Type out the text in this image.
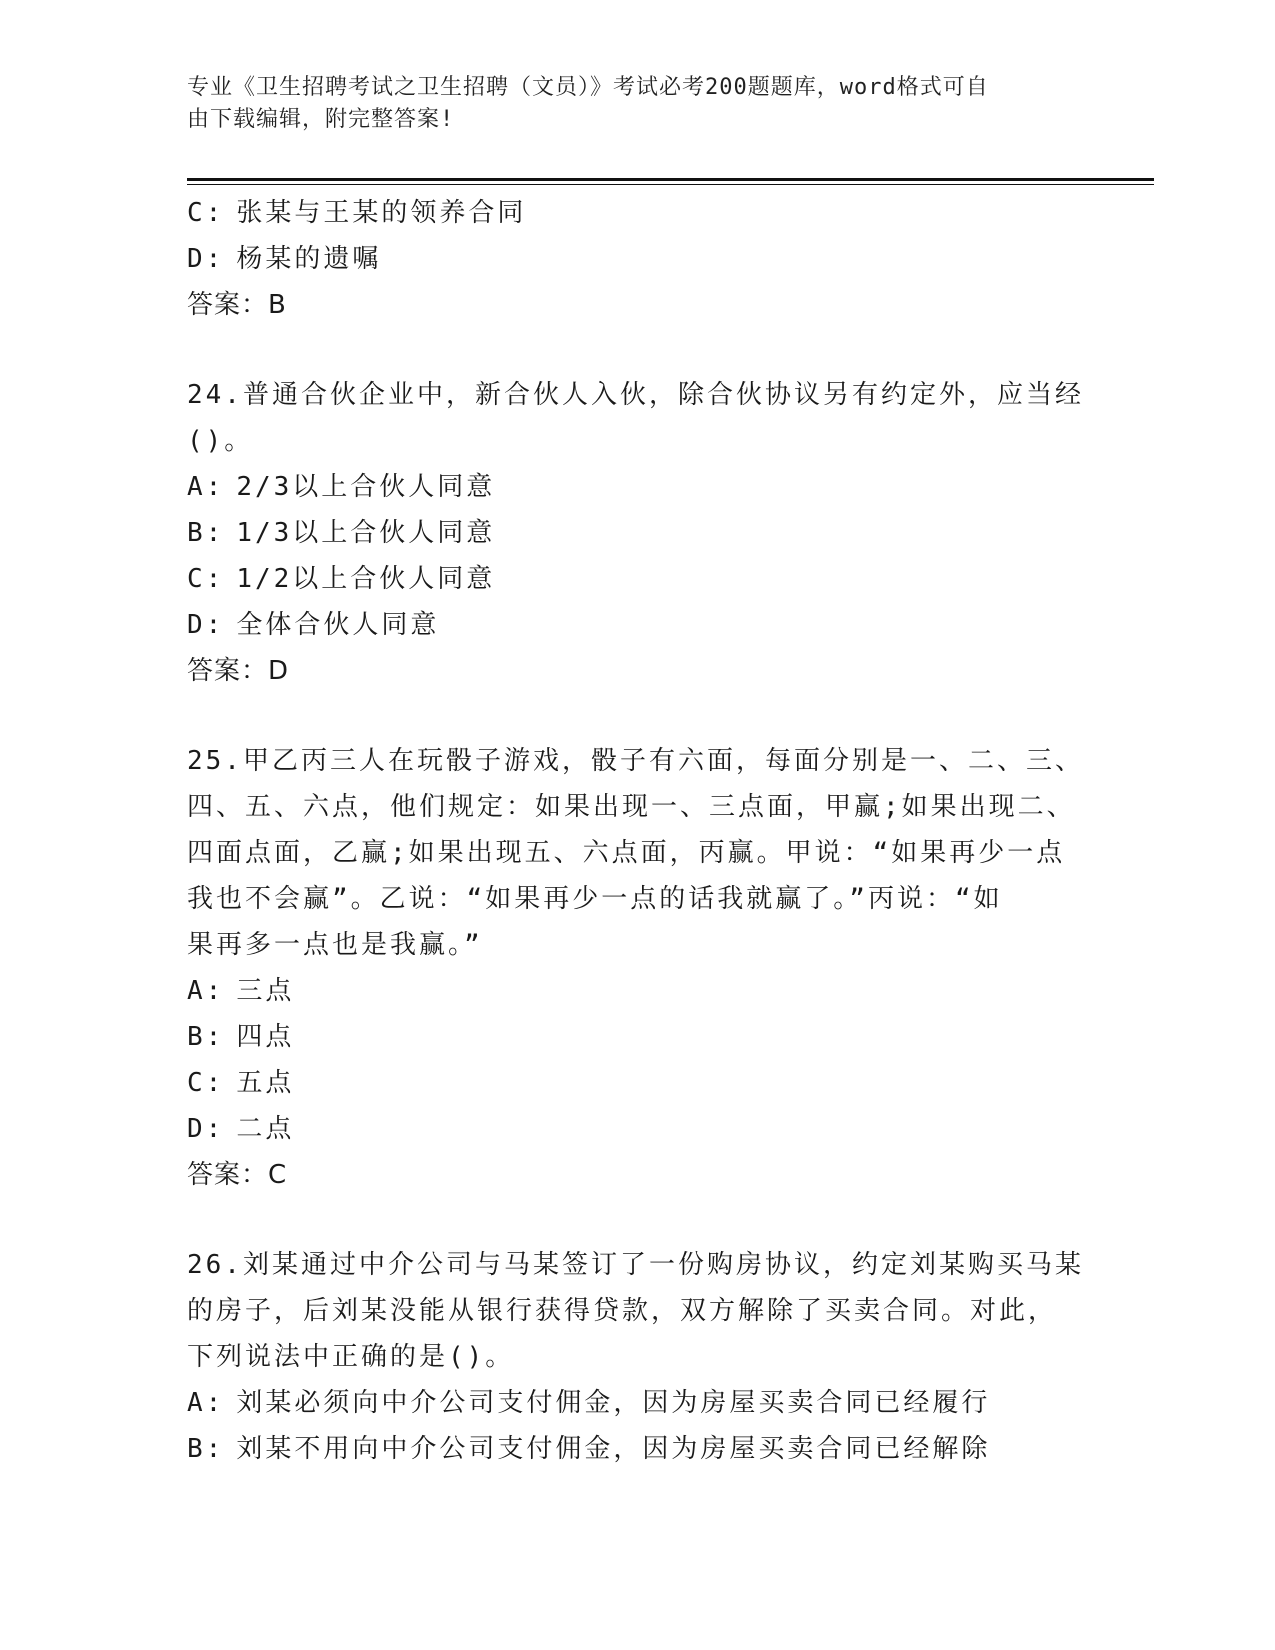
专业《卫生招聘考试之卫生招聘（文员）》考试必考200题题库，word格式可自
由下载编辑，附完整答案!
C: 张某与王某的领养合同
D: 杨某的遗嘱
答案：B
24.普通合伙企业中，新合伙人入伙，除合伙协议另有约定外，应当经
()。
A: 2/3以上合伙人同意
B: 1/3以上合伙人同意
C: 1/2以上合伙人同意
D: 全体合伙人同意
答案：D
25.甲乙丙三人在玩骰子游戏，骰子有六面，每面分别是一、二、三、
四、五、六点，他们规定：如果出现一、三点面，甲赢;如果出现二、
四面点面，乙赢;如果出现五、六点面，丙赢。甲说：“如果再少一点
我也不会赢”。乙说：“如果再少一点的话我就赢了。”丙说：“如
果再多一点也是我赢。”
A: 三点
B: 四点
C: 五点
D: 二点
答案：C
26.刘某通过中介公司与马某签订了一份购房协议，约定刘某购买马某
的房子，后刘某没能从银行获得贷款，双方解除了买卖合同。对此，
下列说法中正确的是()。
A: 刘某必须向中介公司支付佣金，因为房屋买卖合同已经履行
B: 刘某不用向中介公司支付佣金，因为房屋买卖合同已经解除
